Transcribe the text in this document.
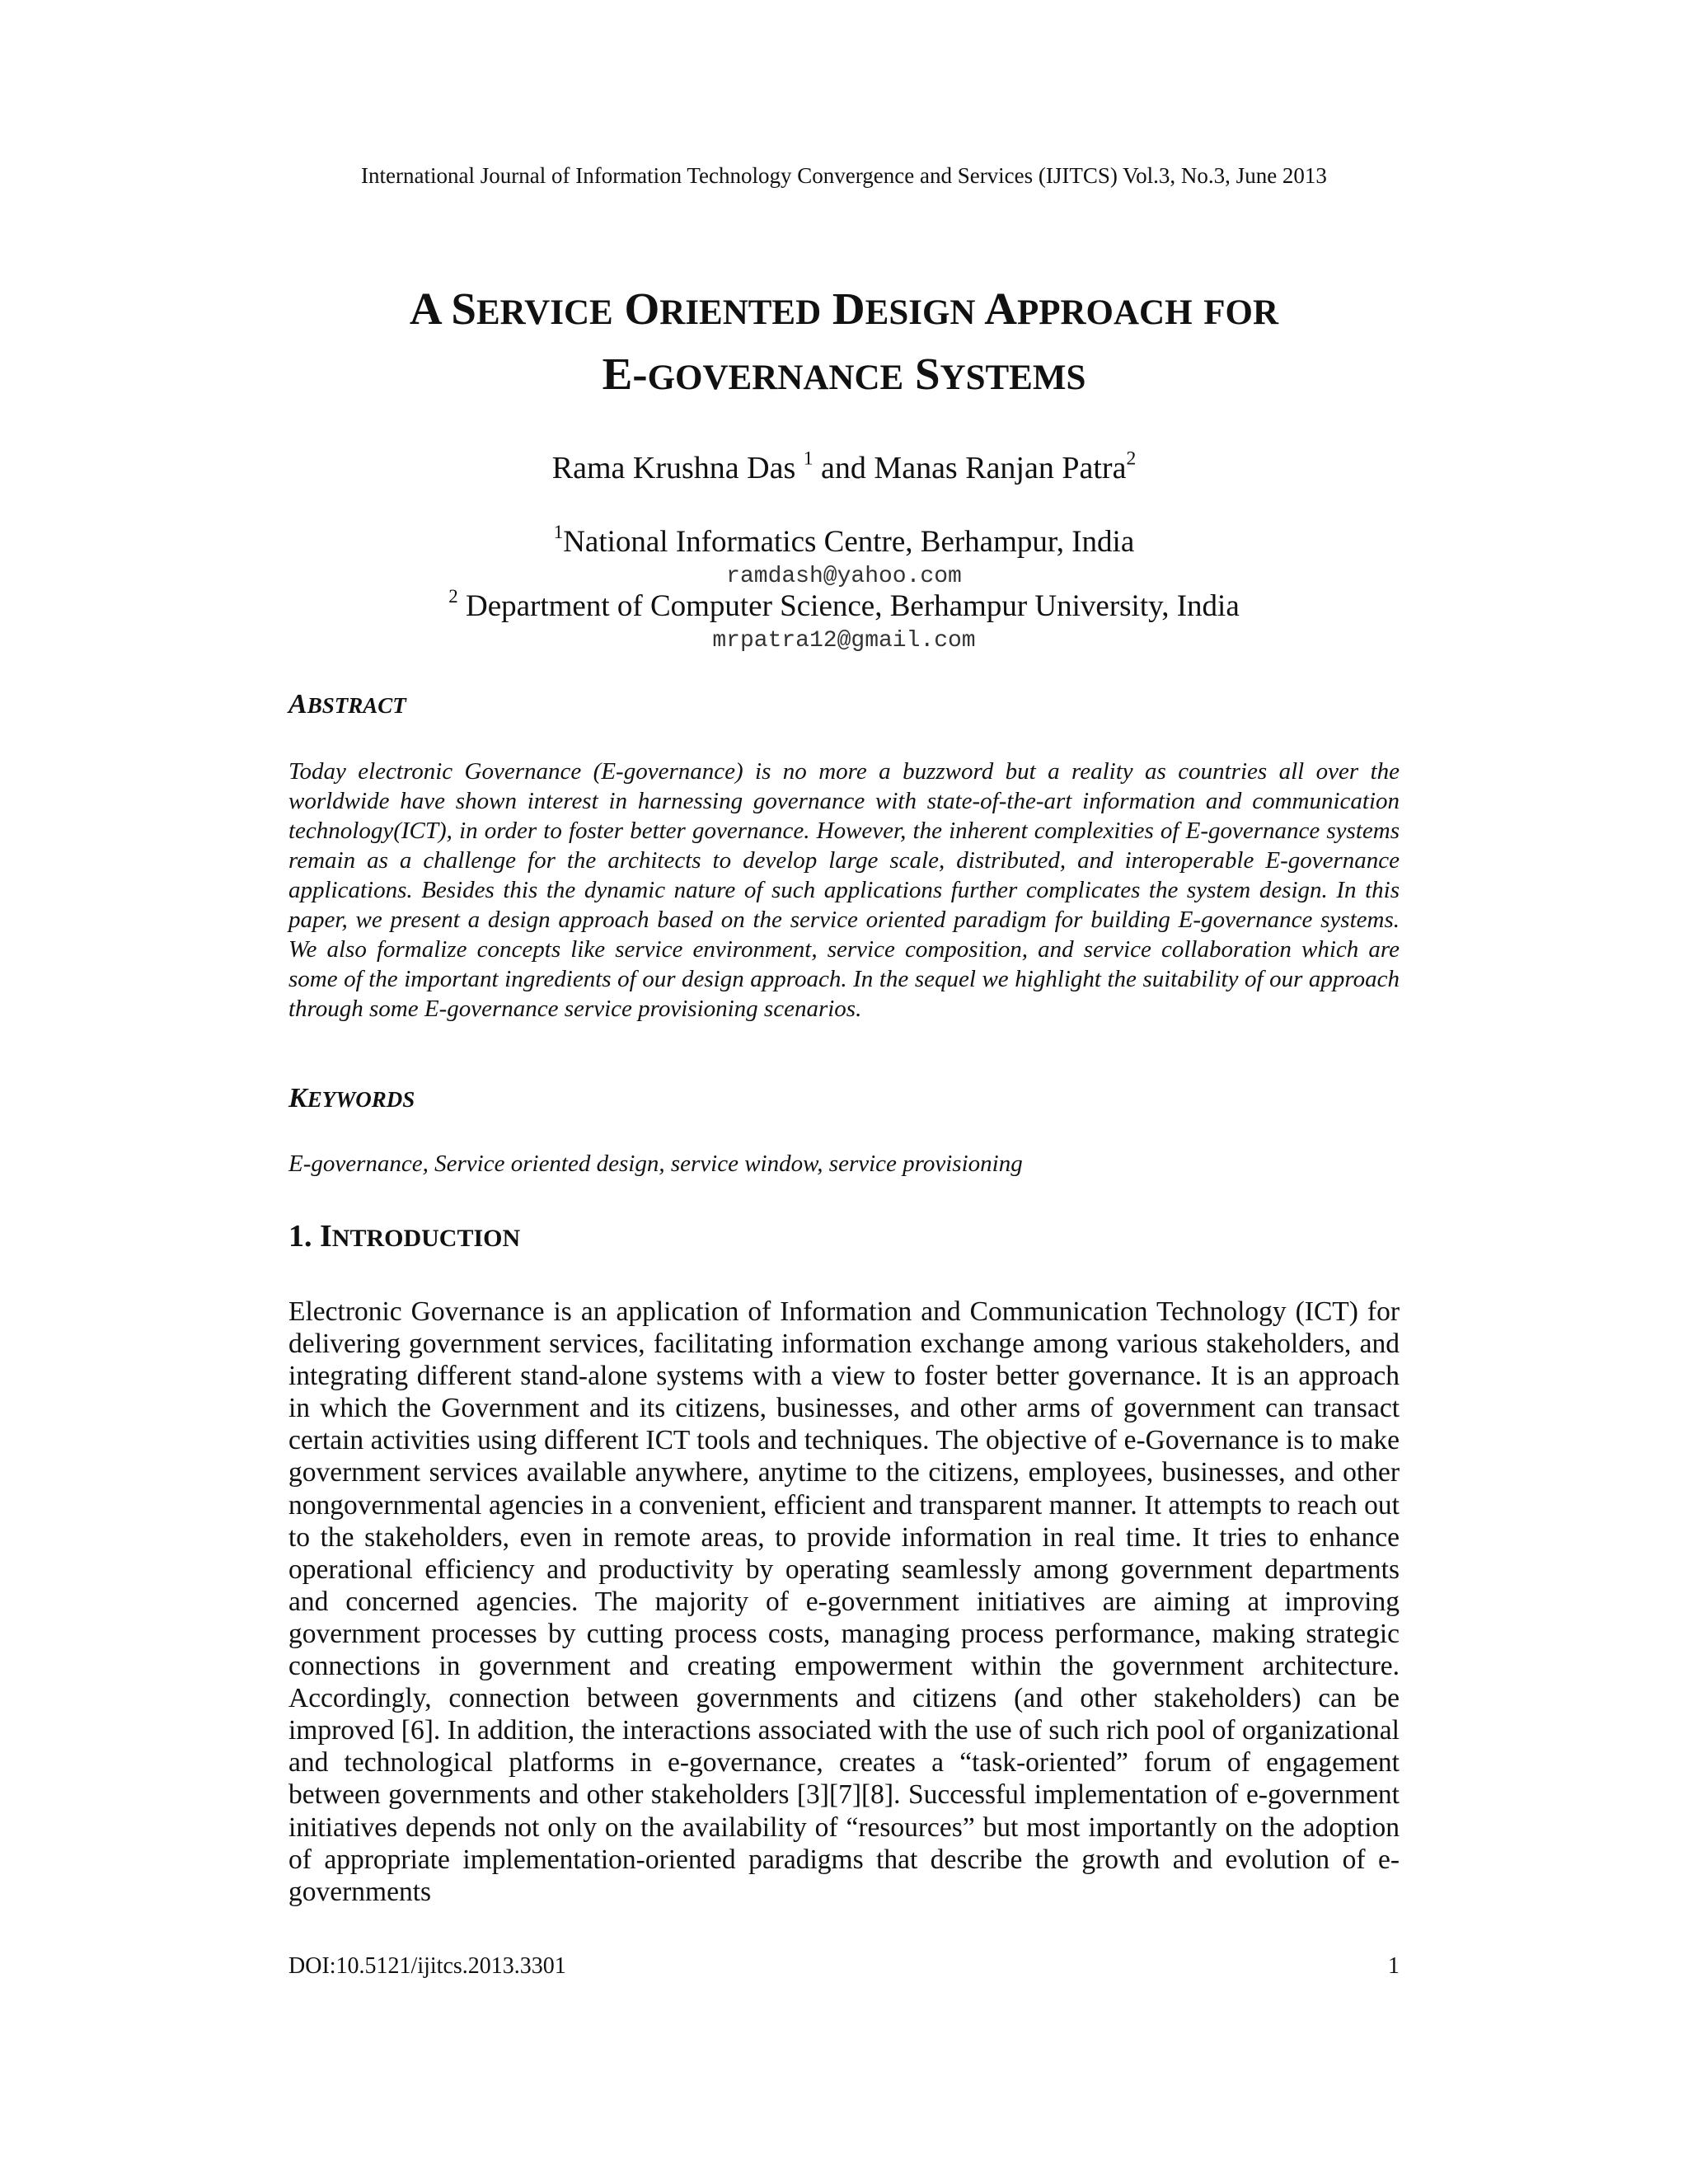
International Journal of Information Technology Convergence and Services (IJITCS) Vol.3, No.3, June 2013
A SERVICE ORIENTED DESIGN APPROACH FOR
E-GOVERNANCE SYSTEMS
Rama Krushna Das $^1$ and Manas Ranjan Patra$^2$
$^1$National Informatics Centre, Berhampur, India
ramdash@yahoo.com
$^2$ Department of Computer Science, Berhampur University, India
mrpatra12@gmail.com
ABSTRACT
Today electronic Governance (E-governance) is no more a buzzword but a reality as countries all over the worldwide have shown interest in harnessing governance with state-of-the-art information and communication technology(ICT), in order to foster better governance. However, the inherent complexities of E-governance systems remain as a challenge for the architects to develop large scale, distributed, and interoperable E-governance applications. Besides this the dynamic nature of such applications further complicates the system design. In this paper, we present a design approach based on the service oriented paradigm for building E-governance systems. We also formalize concepts like service environment, service composition, and service collaboration which are some of the important ingredients of our design approach. In the sequel we highlight the suitability of our approach through some E-governance service provisioning scenarios.
KEYWORDS
E-governance, Service oriented design, service window, service provisioning
1. INTRODUCTION
Electronic Governance is an application of Information and Communication Technology (ICT) for delivering government services, facilitating information exchange among various stakeholders, and integrating different stand-alone systems with a view to foster better governance. It is an approach in which the Government and its citizens, businesses, and other arms of government can transact certain activities using different ICT tools and techniques. The objective of e-Governance is to make government services available anywhere, anytime to the citizens, employees, businesses, and other nongovernmental agencies in a convenient, efficient and transparent manner. It attempts to reach out to the stakeholders, even in remote areas, to provide information in real time. It tries to enhance operational efficiency and productivity by operating seamlessly among government departments and concerned agencies. The majority of e-government initiatives are aiming at improving government processes by cutting process costs, managing process performance, making strategic connections in government and creating empowerment within the government architecture. Accordingly, connection between governments and citizens (and other stakeholders) can be improved [6]. In addition, the interactions associated with the use of such rich pool of organizational and technological platforms in e-governance, creates a “task-oriented” forum of engagement between governments and other stakeholders [3][7][8]. Successful implementation of e-government initiatives depends not only on the availability of “resources” but most importantly on the adoption of appropriate implementation-oriented paradigms that describe the growth and evolution of e-governments
DOI:10.5121/ijitcs.2013.3301	1
